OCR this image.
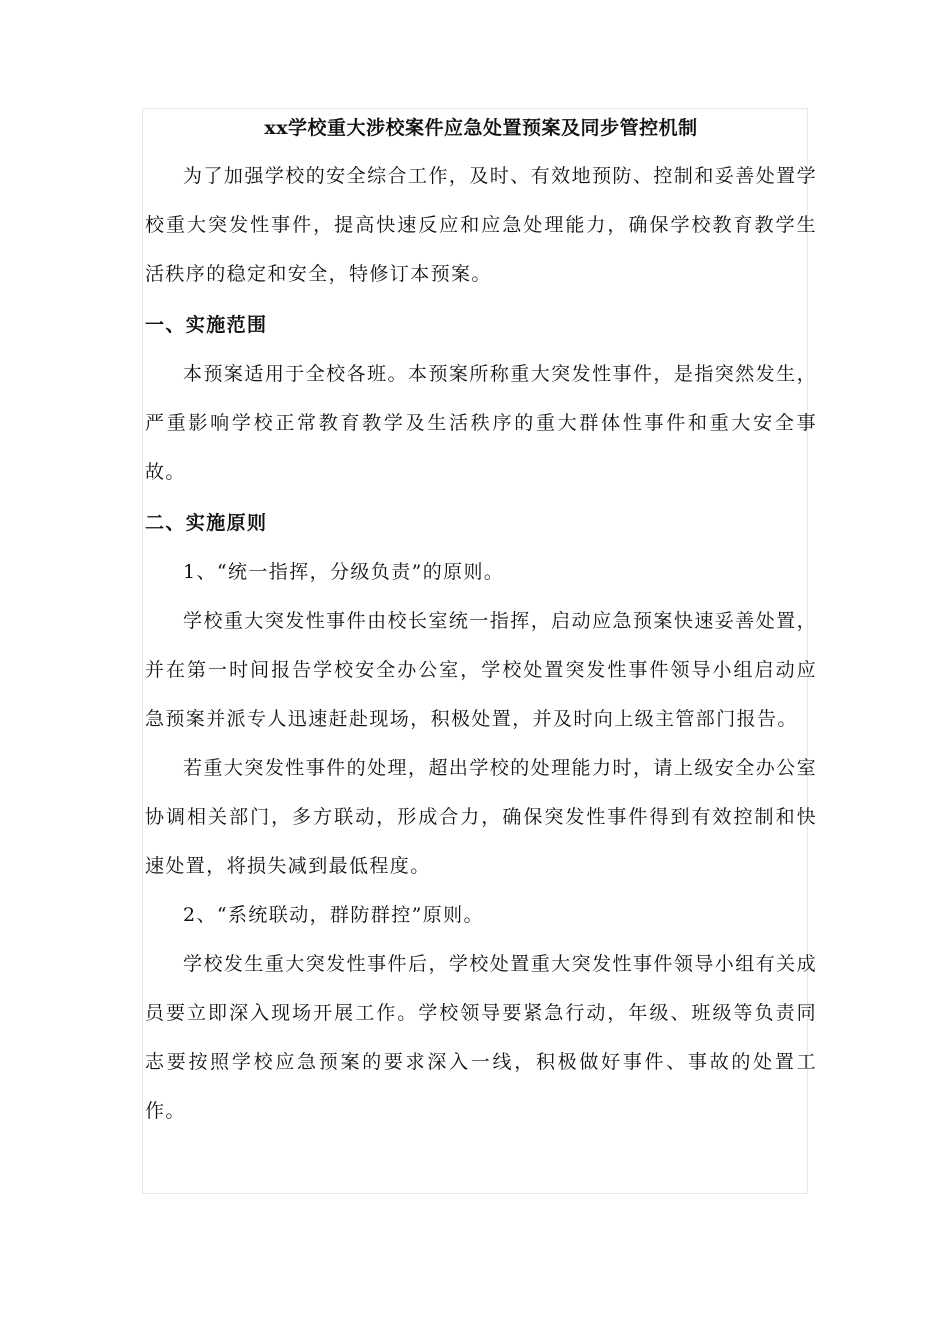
xx学校重大涉校案件应急处置预案及同步管控机制

为了加强学校的安全综合工作，及时、有效地预防、控制和妥善处置学校重大突发性事件，提高快速反应和应急处理能力，确保学校教育教学生活秩序的稳定和安全，特修订本预案。

一、实施范围

本预案适用于全校各班。本预案所称重大突发性事件，是指突然发生，严重影响学校正常教育教学及生活秩序的重大群体性事件和重大安全事故。

二、实施原则

1、“统一指挥，分级负责”的原则。

学校重大突发性事件由校长室统一指挥，启动应急预案快速妥善处置，并在第一时间报告学校安全办公室，学校处置突发性事件领导小组启动应急预案并派专人迅速赶赴现场，积极处置，并及时向上级主管部门报告。

若重大突发性事件的处理，超出学校的处理能力时，请上级安全办公室协调相关部门，多方联动，形成合力，确保突发性事件得到有效控制和快速处置，将损失减到最低程度。

2、“系统联动，群防群控”原则。

学校发生重大突发性事件后，学校处置重大突发性事件领导小组有关成员要立即深入现场开展工作。学校领导要紧急行动，年级、班级等负责同志要按照学校应急预案的要求深入一线，积极做好事件、事故的处置工作。
